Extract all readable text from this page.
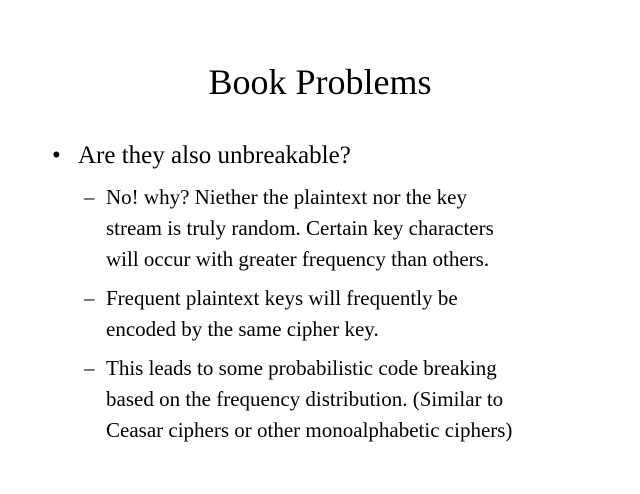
Book Problems
• Are they also unbreakable?
– No! why? Niether the plaintext nor the key
stream is truly random. Certain key characters
will occur with greater frequency than others.
– Frequent plaintext keys will frequently be
encoded by the same cipher key.
– This leads to some probabilistic code breaking
based on the frequency distribution. (Similar to
Ceasar ciphers or other monoalphabetic ciphers)
